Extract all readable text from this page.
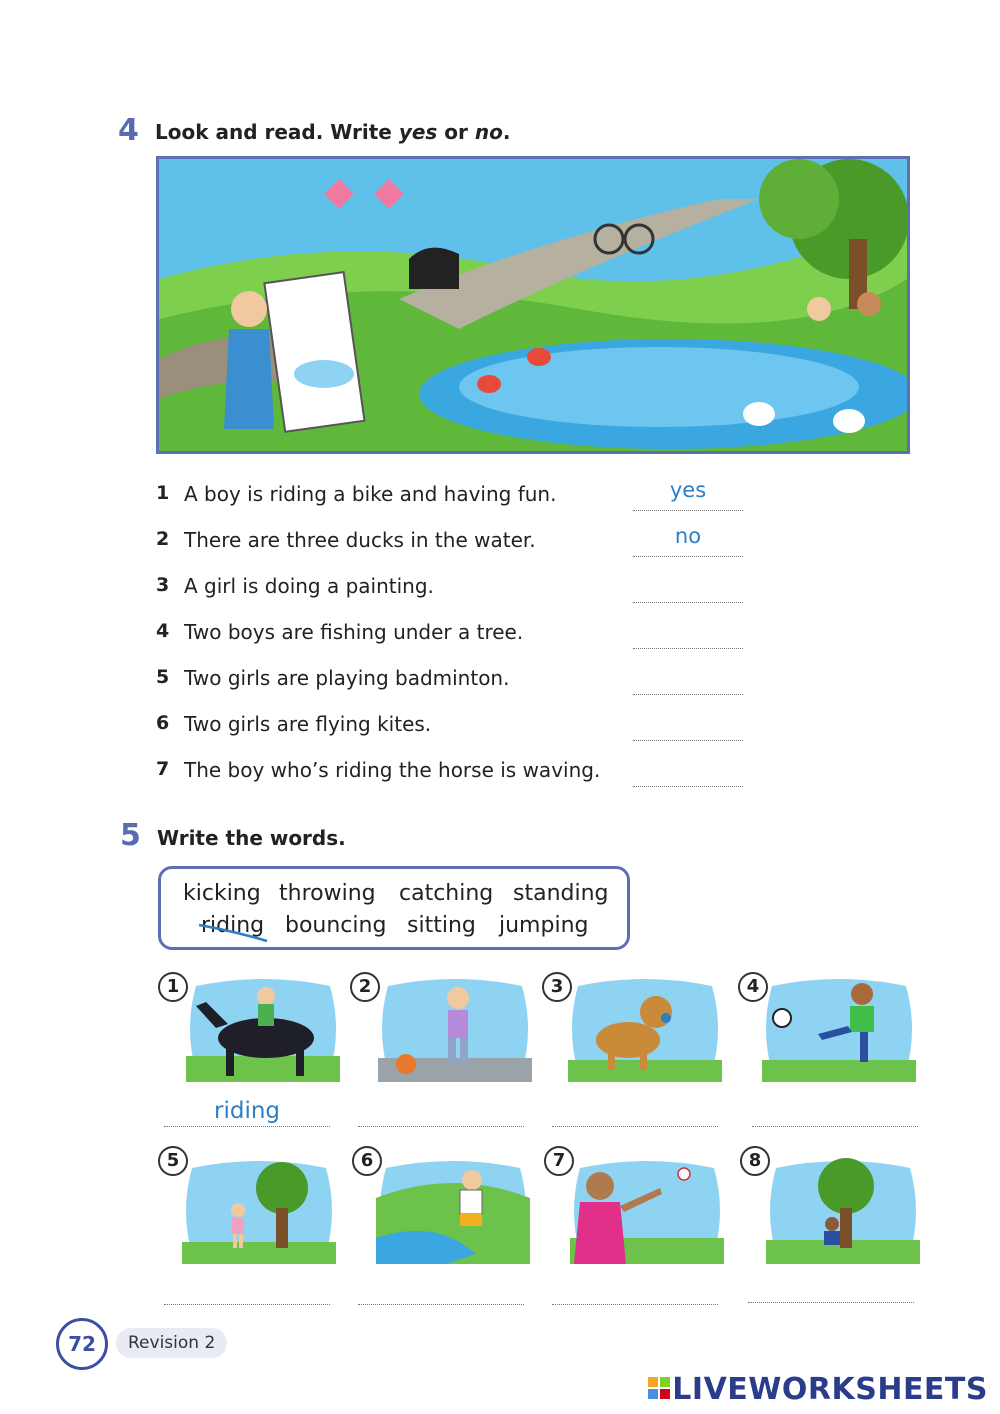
4 Look and read. Write yes or no.
1 A boy is riding a bike and having fun.	yes
2 There are three ducks in the water.	no
3 A girl is doing a painting.
4 Two boys are fishing under a tree.
5 Two girls are playing badminton.
6 Two girls are flying kites.
7 The boy who’s riding the horse is waving.
5 Write the words.
kicking throwing catching standing
riding bouncing sitting jumping
1	2	3	4
riding
5	6	7	8
72	Revision 2
LIVEWORKSHEETS
